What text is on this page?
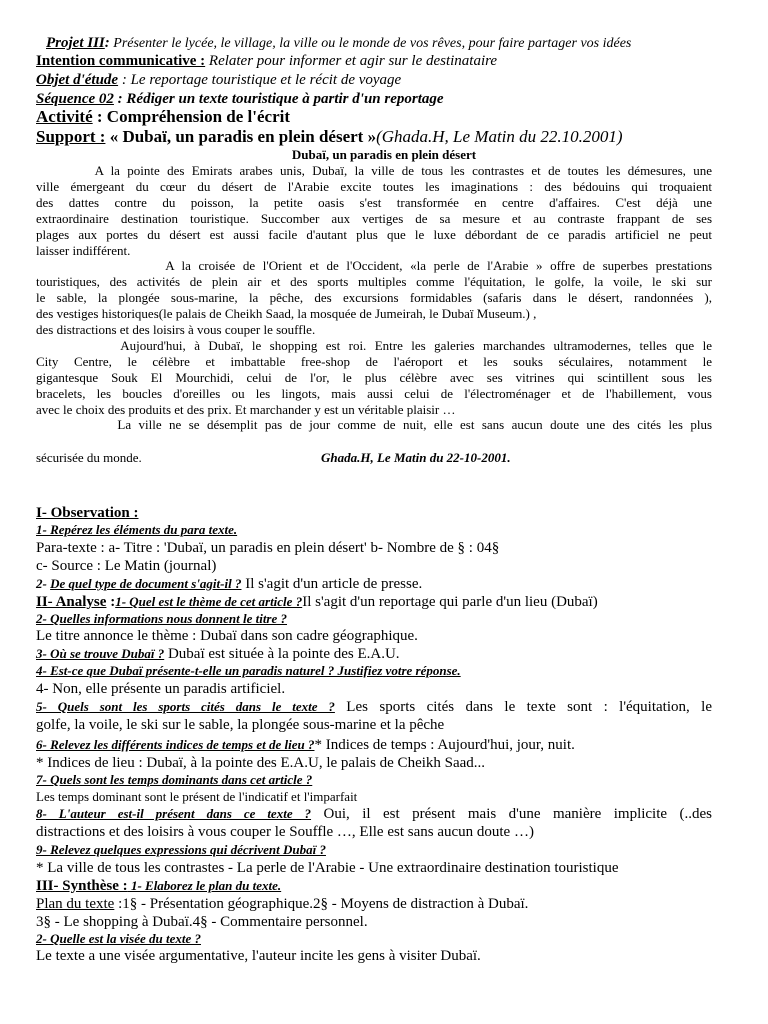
Projet III: Présenter le lycée, le village, la ville ou le monde de vos rêves, pour faire partager vos idées
Intention communicative : Relater pour informer et agir sur le destinataire
Objet d'étude : Le reportage touristique et le récit de voyage
Séquence 02 : Rédiger un texte touristique à partir d'un reportage
Activité : Compréhension de l'écrit
Support : « Dubaï, un paradis en plein désert »(Ghada.H, Le Matin du 22.10.2001)
Dubaï, un paradis en plein désert
A la pointe des Emirats arabes unis, Dubaï, la ville de tous les contrastes et de toutes les démesures, une
ville émergeant du cœur du désert de l'Arabie excite toutes les imaginations : des bédouins qui troquaient
des dattes contre du poisson, la petite oasis s'est transformée en centre d'affaires. C'est déjà une
extraordinaire destination touristique. Succomber aux vertiges de sa mesure et au contraste frappant de ses
plages aux portes du désert est aussi facile d'autant plus que le luxe débordant de ce paradis artificiel ne peut
laisser indifférent.
A la croisée de l'Orient et de l'Occident, «la perle de l'Arabie » offre de superbes prestations
touristiques, des activités de plein air et des sports multiples comme l'équitation, le golfe, la voile, le ski sur
le sable, la plongée sous-marine, la pêche, des excursions formidables (safaris dans le désert, randonnées ),
des vestiges historiques(le palais de Cheikh Saad, la mosquée de Jumeirah, le Dubaï Museum.) ,
des distractions et des loisirs à vous couper le souffle.
Aujourd'hui, à Dubaï, le shopping est roi. Entre les galeries marchandes ultramodernes, telles que le
City Centre, le célèbre et imbattable free-shop de l'aéroport et les souks séculaires, notamment le
gigantesque Souk El Mourchidi, celui de l'or, le plus célèbre avec ses vitrines qui scintillent sous les
bracelets, les boucles d'oreilles ou les lingots, mais aussi celui de l'électroménager et de l'habillement, vous
avec le choix des produits et des prix. Et marchander y est un véritable plaisir …
La ville ne se désemplit pas de jour comme de nuit, elle est sans aucun doute une des cités les plus
sécurisée du monde.	Ghada.H, Le Matin du 22-10-2001.
I- Observation :
1- Repérez les éléments du para texte.
Para-texte : a- Titre : 'Dubaï, un paradis en plein désert' b- Nombre de § : 04§
c- Source : Le Matin (journal)
2- De quel type de document s'agit-il ? Il s'agit d'un article de presse.
II- Analyse :1- Quel est le thème de cet article ?Il s'agit d'un reportage qui parle d'un lieu (Dubaï)
2- Quelles informations nous donnent le titre ?
Le titre annonce le thème : Dubaï dans son cadre géographique.
3- Où se trouve Dubaï ? Dubaï est située à la pointe des E.A.U.
4- Est-ce que Dubaï présente-t-elle un paradis naturel ? Justifiez votre réponse.
4- Non, elle présente un paradis artificiel.
5- Quels sont les sports cités dans le texte ? Les sports cités dans le texte sont : l'équitation, le
golfe, la voile, le ski sur le sable, la plongée sous-marine et la pêche
6- Relevez les différents indices de temps et de lieu ?* Indices de temps : Aujourd'hui, jour, nuit.
* Indices de lieu : Dubaï, à la pointe des E.A.U, le palais de Cheikh Saad...
7- Quels sont les temps dominants dans cet article ?
Les temps dominant sont le présent de l'indicatif et l'imparfait
8- L'auteur est-il présent dans ce texte ? Oui, il est présent mais d'une manière implicite (..des
distractions et des loisirs à vous couper le Souffle …, Elle est sans aucun doute …)
9- Relevez quelques expressions qui décrivent Dubaï ?
* La ville de tous les contrastes - La perle de l'Arabie - Une extraordinaire destination touristique
III- Synthèse : 1- Elaborez le plan du texte.
Plan du texte :1§ - Présentation géographique.2§ - Moyens de distraction à Dubaï.
3§ - Le shopping à Dubaï.4§ - Commentaire personnel.
2- Quelle est la visée du texte ?
Le texte a une visée argumentative, l'auteur incite les gens à visiter Dubaï.
